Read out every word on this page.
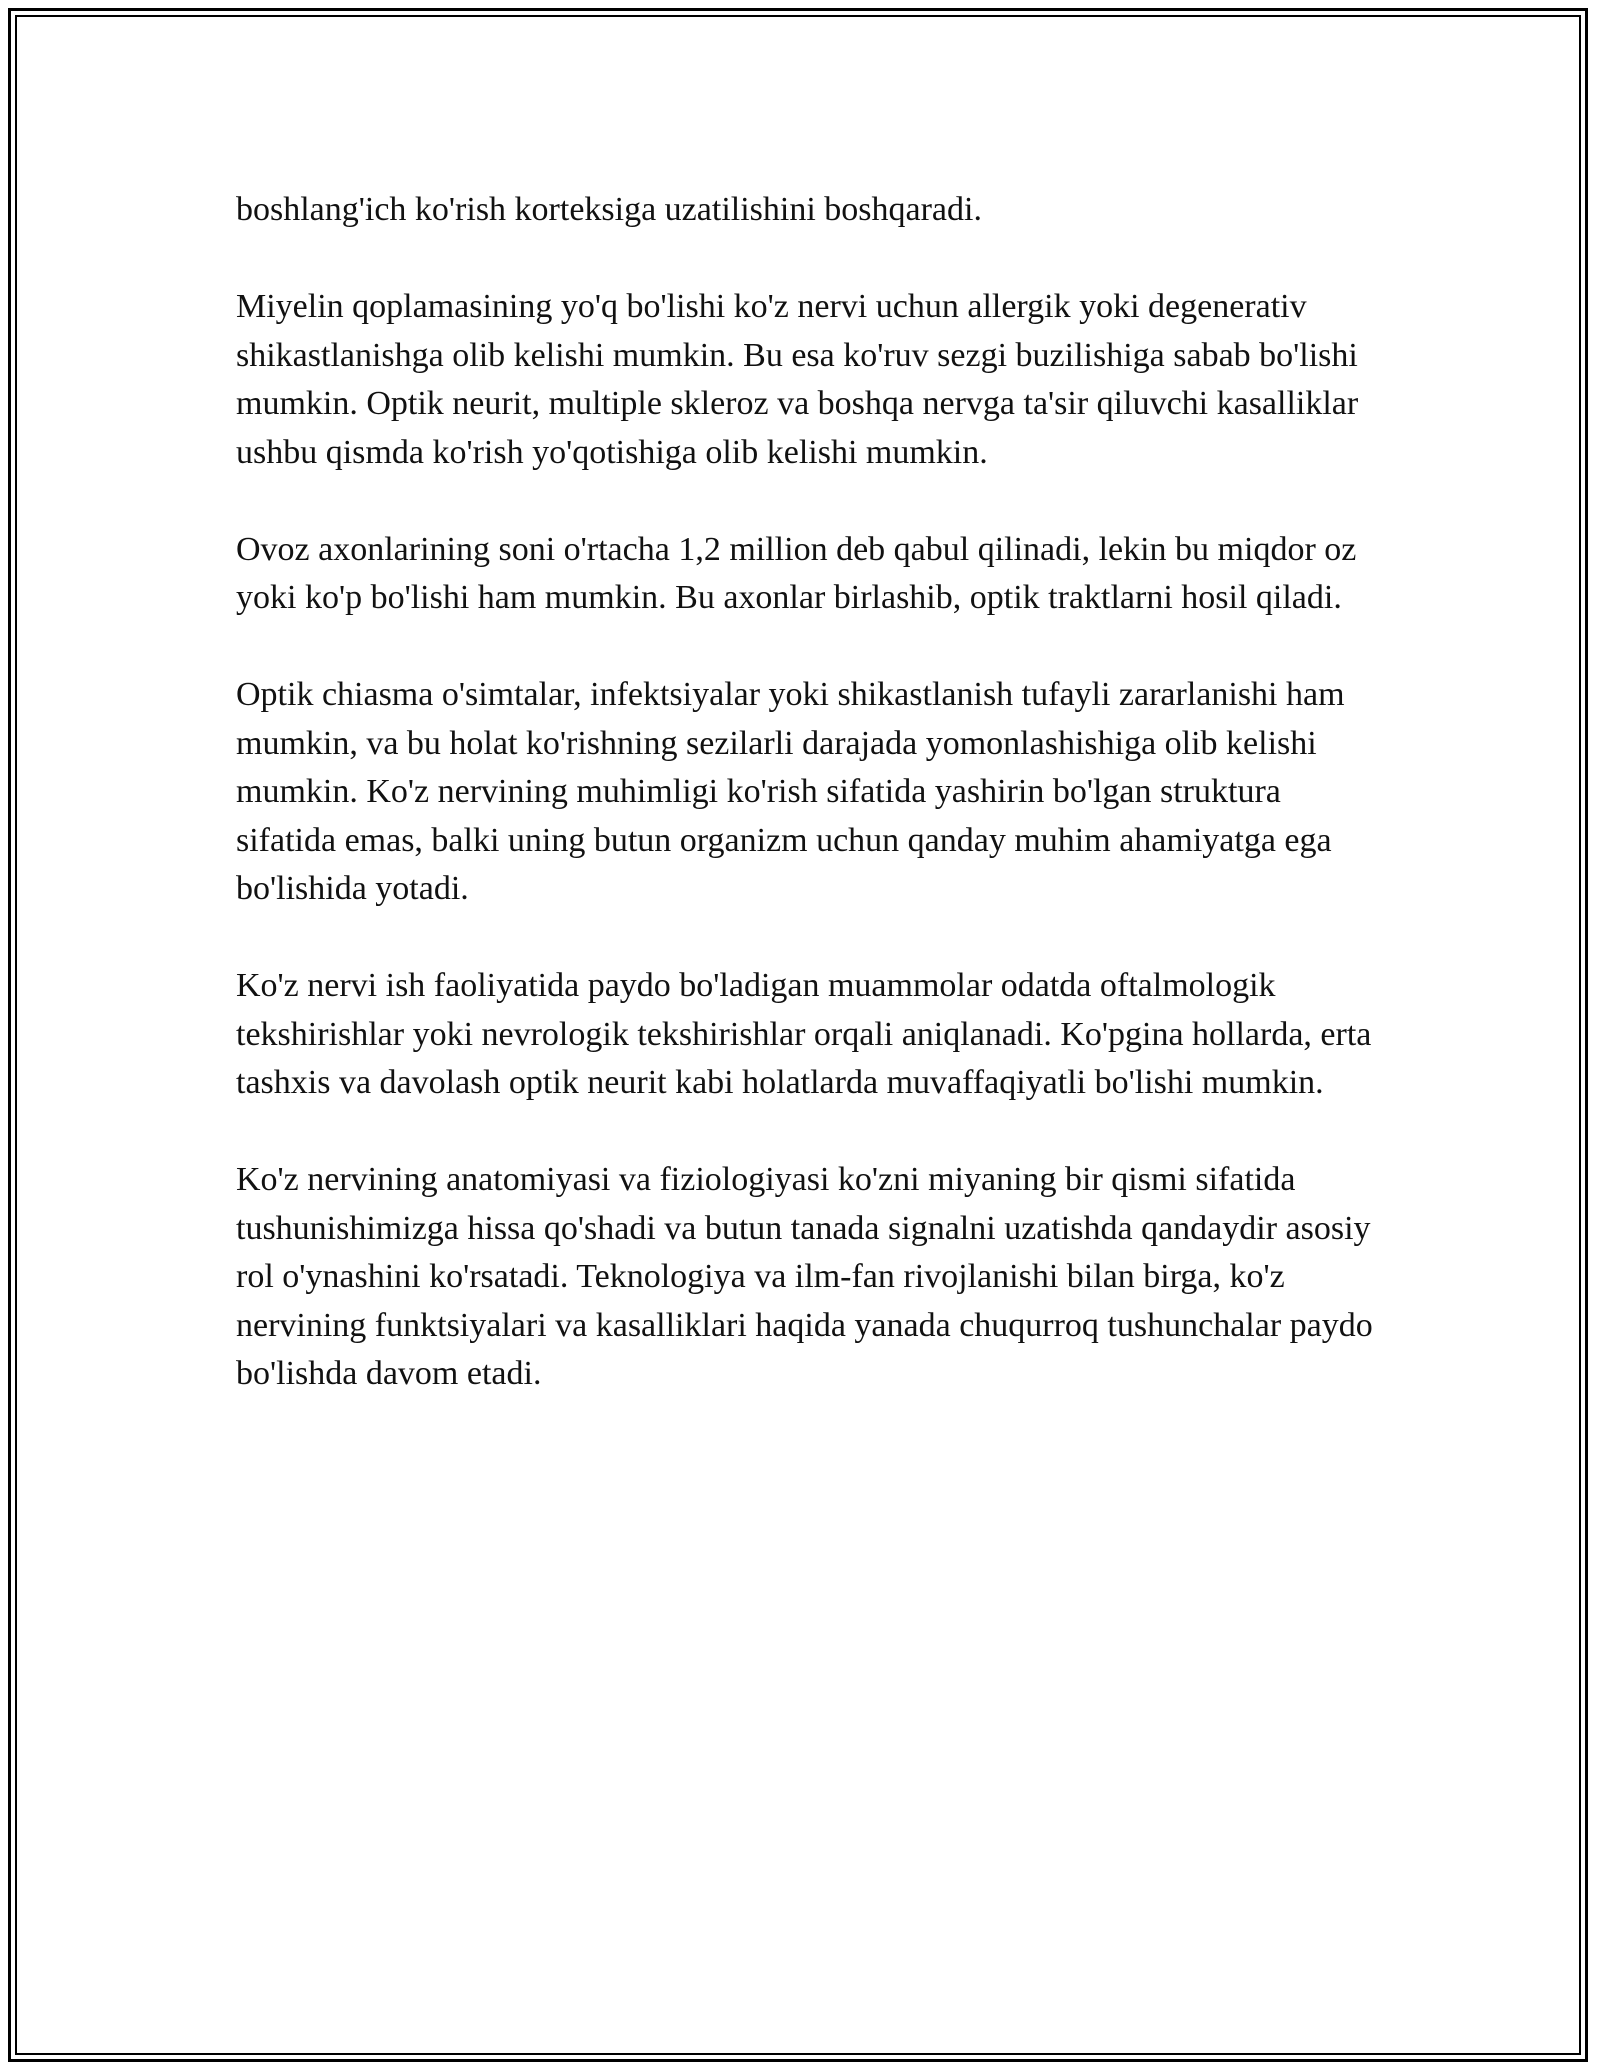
boshlang'ich ko'rish korteksiga uzatilishini boshqaradi.

Miyelin qoplamasining yo'q bo'lishi ko'z nervi uchun allergik yoki degenerativ shikastlanishga olib kelishi mumkin. Bu esa ko'ruv sezgi buzilishiga sabab bo'lishi mumkin. Optik neurit, multiple skleroz va boshqa nervga ta'sir qiluvchi kasalliklar ushbu qismda ko'rish yo'qotishiga olib kelishi mumkin.

Ovoz axonlarining soni o'rtacha 1,2 million deb qabul qilinadi, lekin bu miqdor oz yoki ko'p bo'lishi ham mumkin. Bu axonlar birlashib, optik traktlarni hosil qiladi.

Optik chiasma o'simtalar, infektsiyalar yoki shikastlanish tufayli zararlanishi ham mumkin, va bu holat ko'rishning sezilarli darajada yomonlashishiga olib kelishi mumkin. Ko'z nervining muhimligi ko'rish sifatida yashirin bo'lgan struktura sifatida emas, balki uning butun organizm uchun qanday muhim ahamiyatga ega bo'lishida yotadi.

Ko'z nervi ish faoliyatida paydo bo'ladigan muammolar odatda oftalmologik tekshirishlar yoki nevrologik tekshirishlar orqali aniqlanadi. Ko'pgina hollarda, erta tashxis va davolash optik neurit kabi holatlarda muvaffaqiyatli bo'lishi mumkin.

Ko'z nervining anatomiyasi va fiziologiyasi ko'zni miyaning bir qismi sifatida tushunishimizga hissa qo'shadi va butun tanada signalni uzatishda qandaydir asosiy rol o'ynashini ko'rsatadi. Teknologiya va ilm-fan rivojlanishi bilan birga, ko'z nervining funktsiyalari va kasalliklari haqida yanada chuqurroq tushunchalar paydo bo'lishda davom etadi.
